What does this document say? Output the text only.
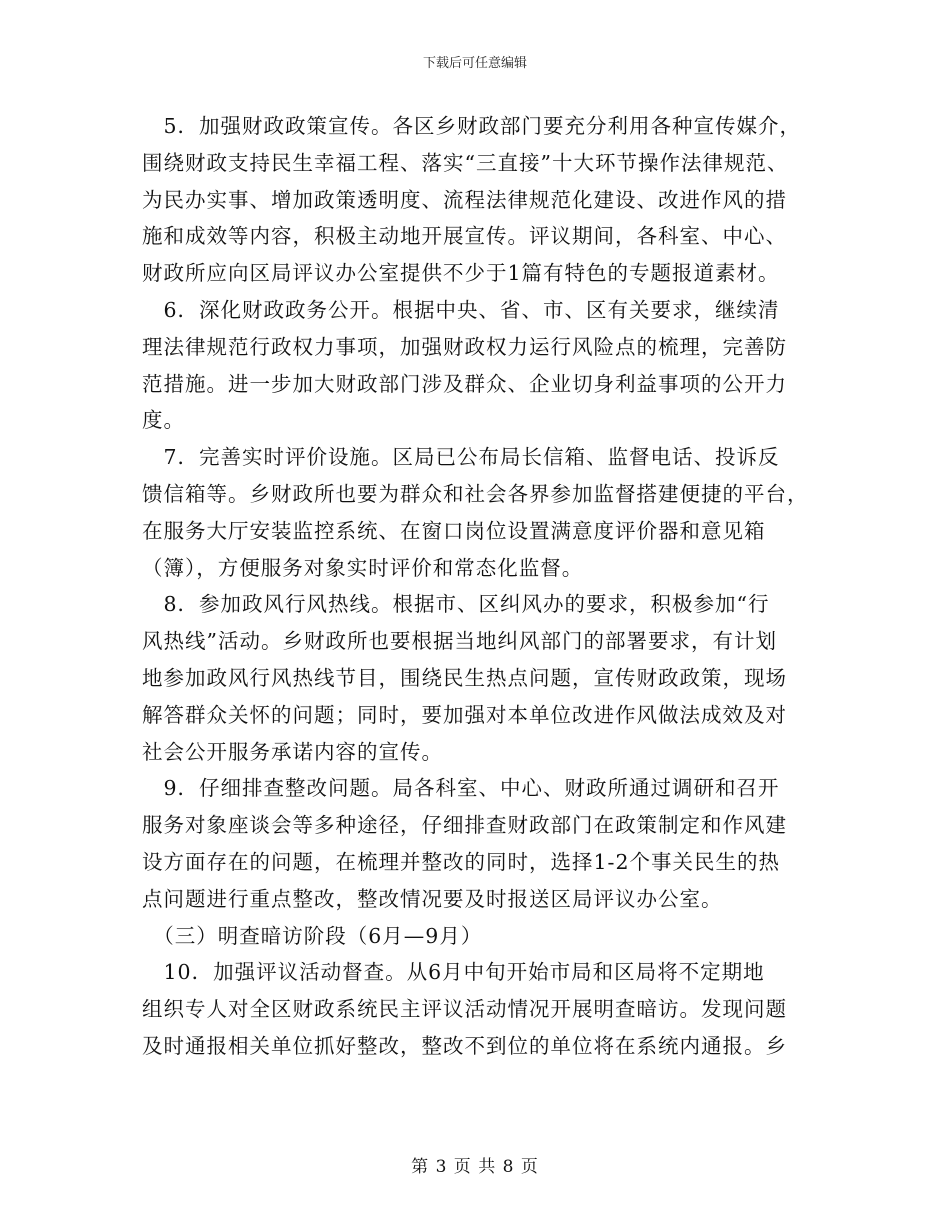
下载后可任意编辑
　5．加强财政政策宣传。各区乡财政部门要充分利用各种宣传媒介，
围绕财政支持民生幸福工程、落实“三直接”十大环节操作法律规范、
为民办实事、增加政策透明度、流程法律规范化建设、改进作风的措
施和成效等内容，积极主动地开展宣传。评议期间，各科室、中心、
财政所应向区局评议办公室提供不少于1篇有特色的专题报道素材。
　6．深化财政政务公开。根据中央、省、市、区有关要求，继续清
理法律规范行政权力事项，加强财政权力运行风险点的梳理，完善防
范措施。进一步加大财政部门涉及群众、企业切身利益事项的公开力
度。
　7．完善实时评价设施。区局已公布局长信箱、监督电话、投诉反
馈信箱等。乡财政所也要为群众和社会各界参加监督搭建便捷的平台，
在服务大厅安装监控系统、在窗口岗位设置满意度评价器和意见箱
（簿），方便服务对象实时评价和常态化监督。
　8．参加政风行风热线。根据市、区纠风办的要求，积极参加“行
风热线”活动。乡财政所也要根据当地纠风部门的部署要求，有计划
地参加政风行风热线节目，围绕民生热点问题，宣传财政政策，现场
解答群众关怀的问题；同时，要加强对本单位改进作风做法成效及对
社会公开服务承诺内容的宣传。
　9．仔细排查整改问题。局各科室、中心、财政所通过调研和召开
服务对象座谈会等多种途径，仔细排查财政部门在政策制定和作风建
设方面存在的问题，在梳理并整改的同时，选择1-2个事关民生的热
点问题进行重点整改，整改情况要及时报送区局评议办公室。
　（三）明查暗访阶段（6月—9月）
　10．加强评议活动督查。从6月中旬开始市局和区局将不定期地
组织专人对全区财政系统民主评议活动情况开展明查暗访。发现问题
及时通报相关单位抓好整改，整改不到位的单位将在系统内通报。乡
第 3 页 共 8 页
